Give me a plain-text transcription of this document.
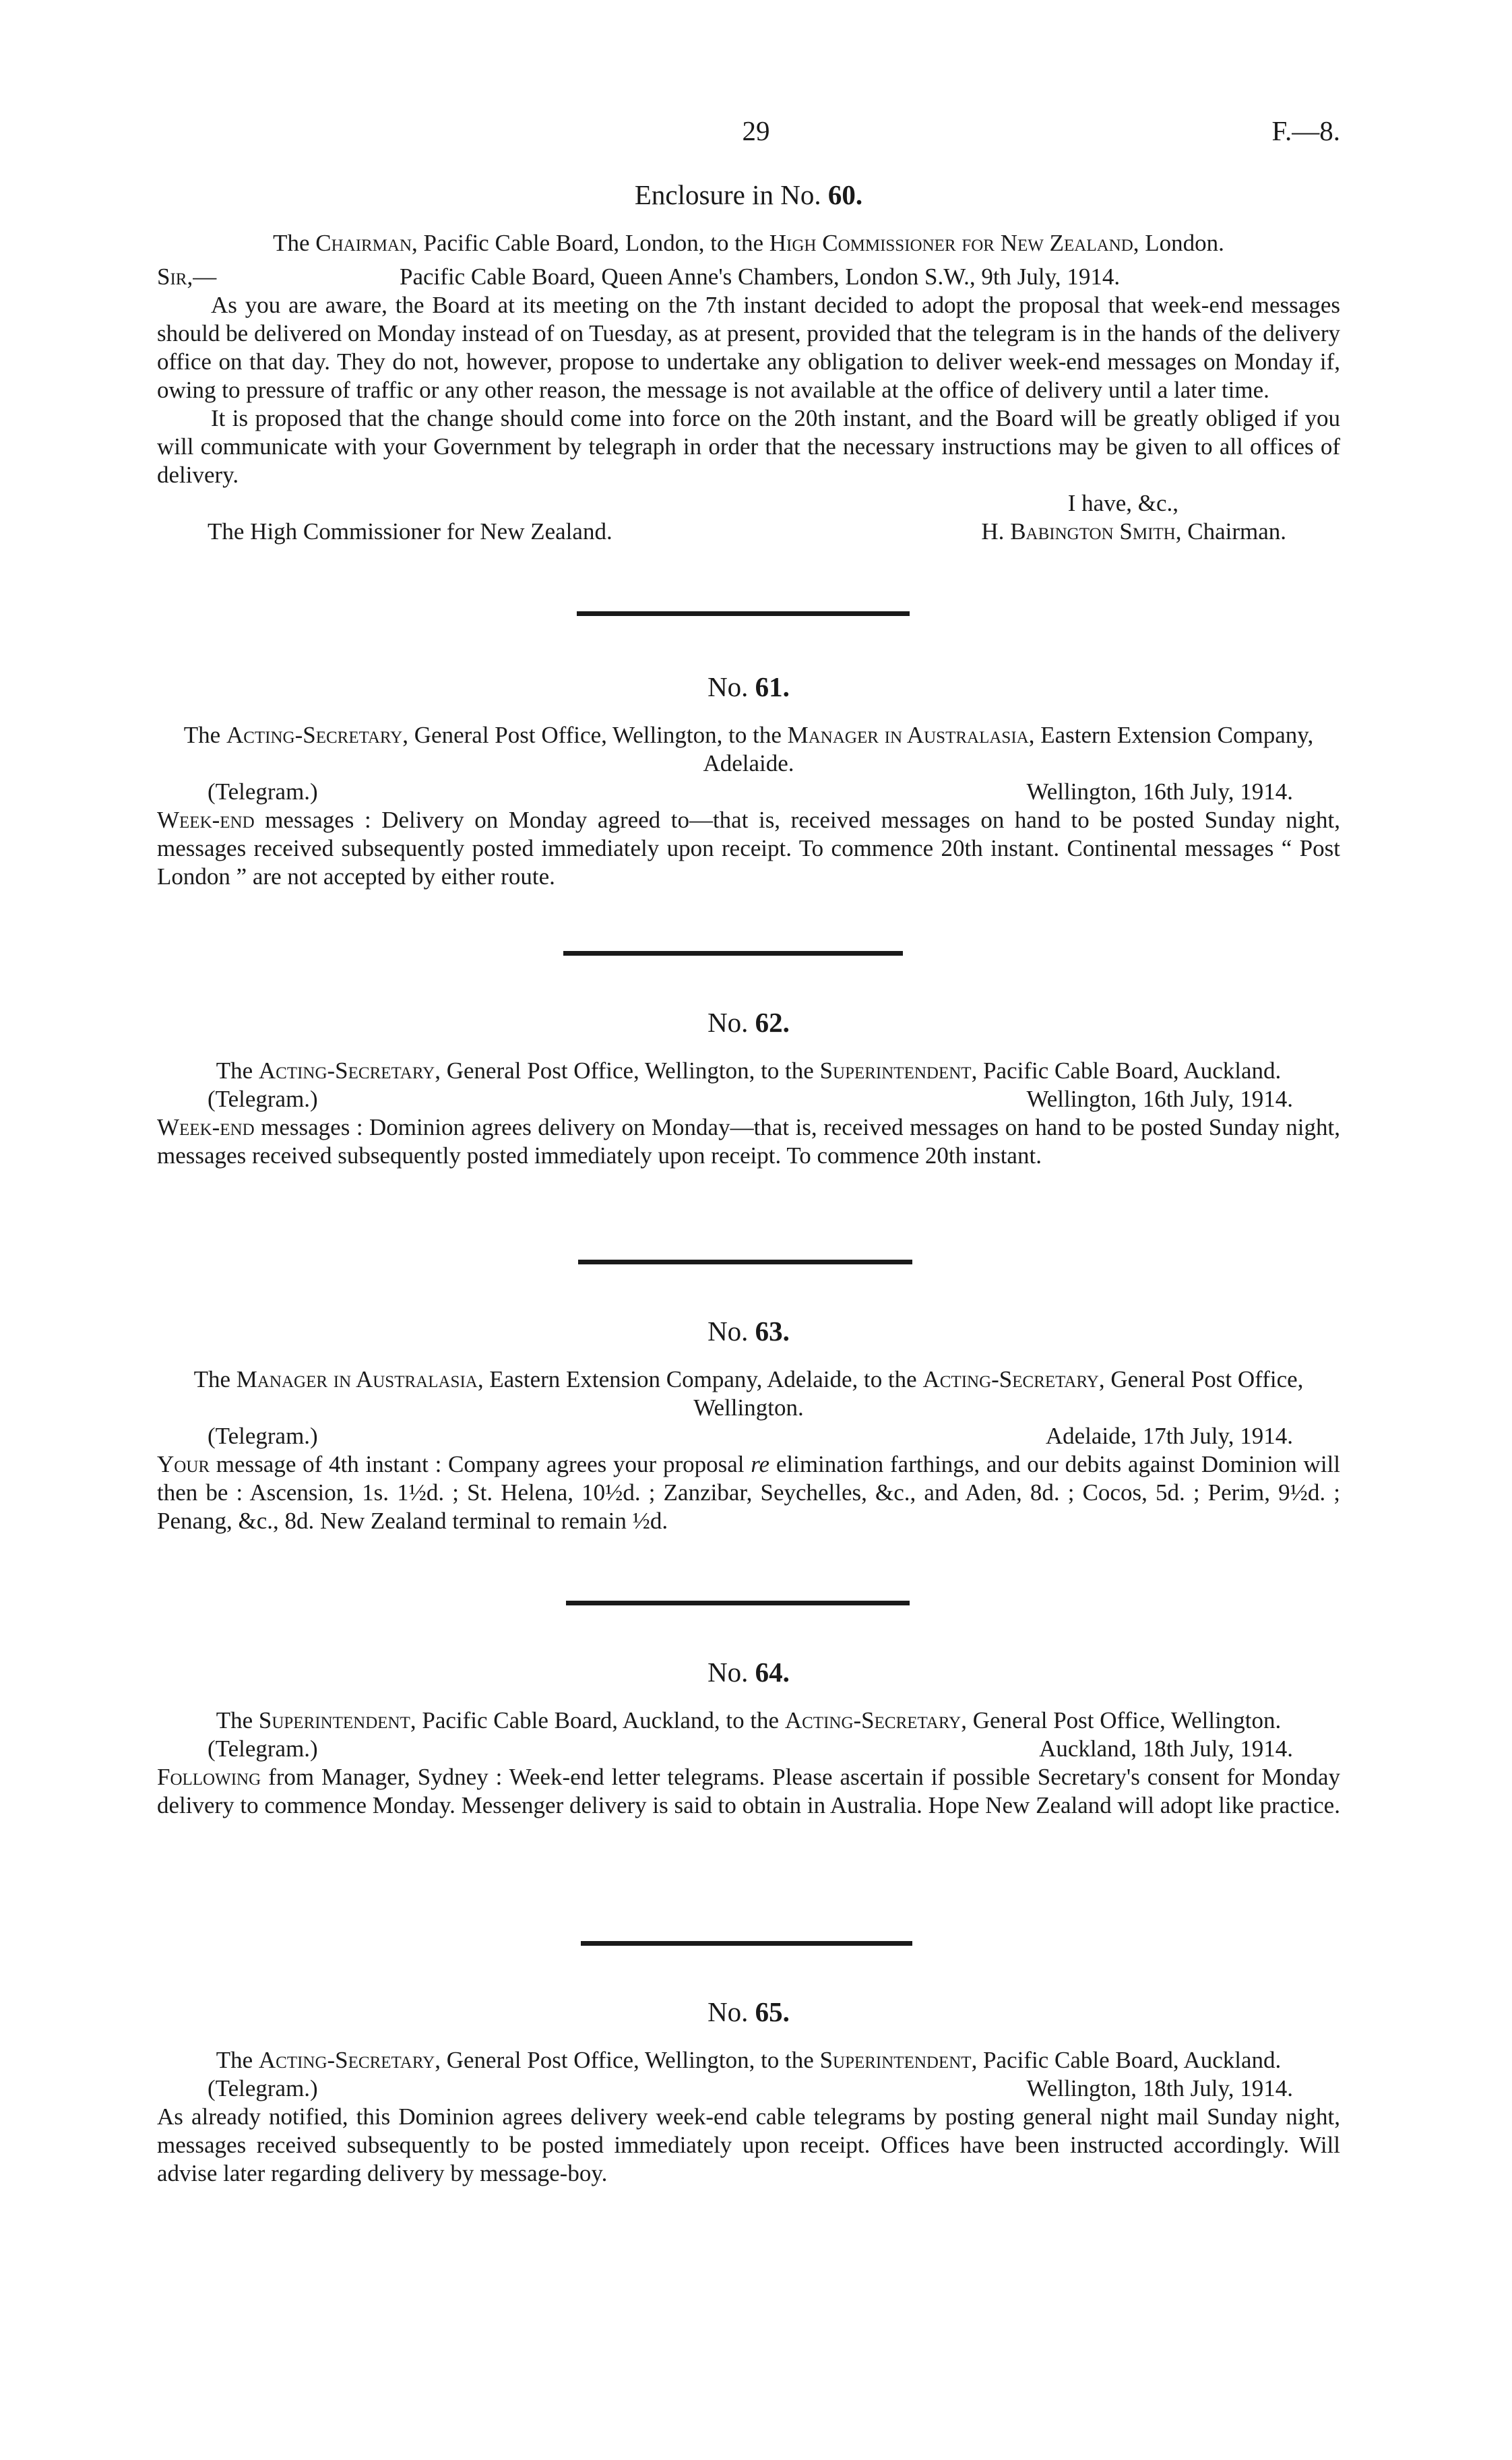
29	F.—8.
Enclosure in No. 60.
The Chairman, Pacific Cable Board, London, to the High Commissioner for New Zealand, London.
Sir,—	Pacific Cable Board, Queen Anne's Chambers, London S.W., 9th July, 1914.

As you are aware, the Board at its meeting on the 7th instant decided to adopt the proposal that week-end messages should be delivered on Monday instead of on Tuesday, as at present, provided that the telegram is in the hands of the delivery office on that day. They do not, however, propose to undertake any obligation to deliver week-end messages on Monday if, owing to pressure of traffic or any other reason, the message is not available at the office of delivery until a later time.

It is proposed that the change should come into force on the 20th instant, and the Board will be greatly obliged if you will communicate with your Government by telegraph in order that the necessary instructions may be given to all offices of delivery.

I have, &c.,
The High Commissioner for New Zealand.	H. Babington Smith, Chairman.
No. 61.
The Acting-Secretary, General Post Office, Wellington, to the Manager in Australasia, Eastern Extension Company, Adelaide.
(Telegram.)	Wellington, 16th July, 1914.

Week-end messages : Delivery on Monday agreed to—that is, received messages on hand to be posted Sunday night, messages received subsequently posted immediately upon receipt. To commence 20th instant. Continental messages “ Post London ” are not accepted by either route.

No. 62.
The Acting-Secretary, General Post Office, Wellington, to the Superintendent, Pacific Cable Board, Auckland.
(Telegram.)	Wellington, 16th July, 1914.

Week-end messages : Dominion agrees delivery on Monday—that is, received messages on hand to be posted Sunday night, messages received subsequently posted immediately upon receipt. To commence 20th instant.

No. 63.
The Manager in Australasia, Eastern Extension Company, Adelaide, to the Acting-Secretary, General Post Office, Wellington.
(Telegram.)	Adelaide, 17th July, 1914.

Your message of 4th instant : Company agrees your proposal re elimination farthings, and our debits against Dominion will then be : Ascension, 1s. 1½d. ; St. Helena, 10½d. ; Zanzibar, Seychelles, &c., and Aden, 8d. ; Cocos, 5d. ; Perim, 9½d. ; Penang, &c., 8d. New Zealand terminal to remain ½d.

No. 64.
The Superintendent, Pacific Cable Board, Auckland, to the Acting-Secretary, General Post Office, Wellington.
(Telegram.)	Auckland, 18th July, 1914.

Following from Manager, Sydney : Week-end letter telegrams. Please ascertain if possible Secretary's consent for Monday delivery to commence Monday. Messenger delivery is said to obtain in Australia. Hope New Zealand will adopt like practice.

No. 65.
The Acting-Secretary, General Post Office, Wellington, to the Superintendent, Pacific Cable Board, Auckland.
(Telegram.)	Wellington, 18th July, 1914.

As already notified, this Dominion agrees delivery week-end cable telegrams by posting general night mail Sunday night, messages received subsequently to be posted immediately upon receipt. Offices have been instructed accordingly. Will advise later regarding delivery by message-boy.
